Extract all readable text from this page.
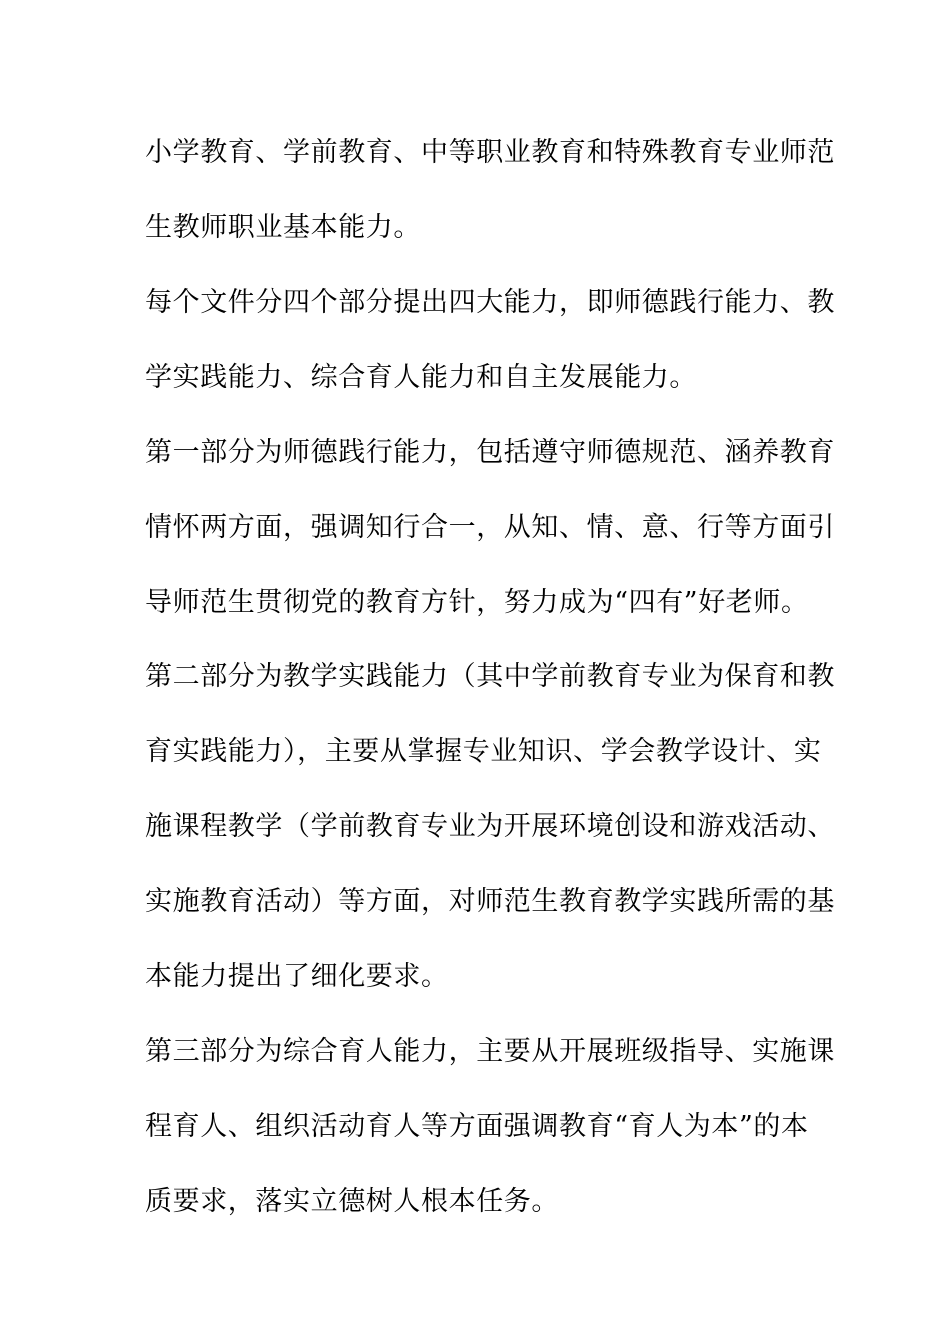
小学教育、学前教育、中等职业教育和特殊教育专业师范
生教师职业基本能力。
每个文件分四个部分提出四大能力，即师德践行能力、教
学实践能力、综合育人能力和自主发展能力。
第一部分为师德践行能力，包括遵守师德规范、涵养教育
情怀两方面，强调知行合一，从知、情、意、行等方面引
导师范生贯彻党的教育方针，努力成为“四有”好老师。
第二部分为教学实践能力（其中学前教育专业为保育和教
育实践能力），主要从掌握专业知识、学会教学设计、实
施课程教学（学前教育专业为开展环境创设和游戏活动、
实施教育活动）等方面，对师范生教育教学实践所需的基
本能力提出了细化要求。
第三部分为综合育人能力，主要从开展班级指导、实施课
程育人、组织活动育人等方面强调教育“育人为本”的本
质要求，落实立德树人根本任务。
